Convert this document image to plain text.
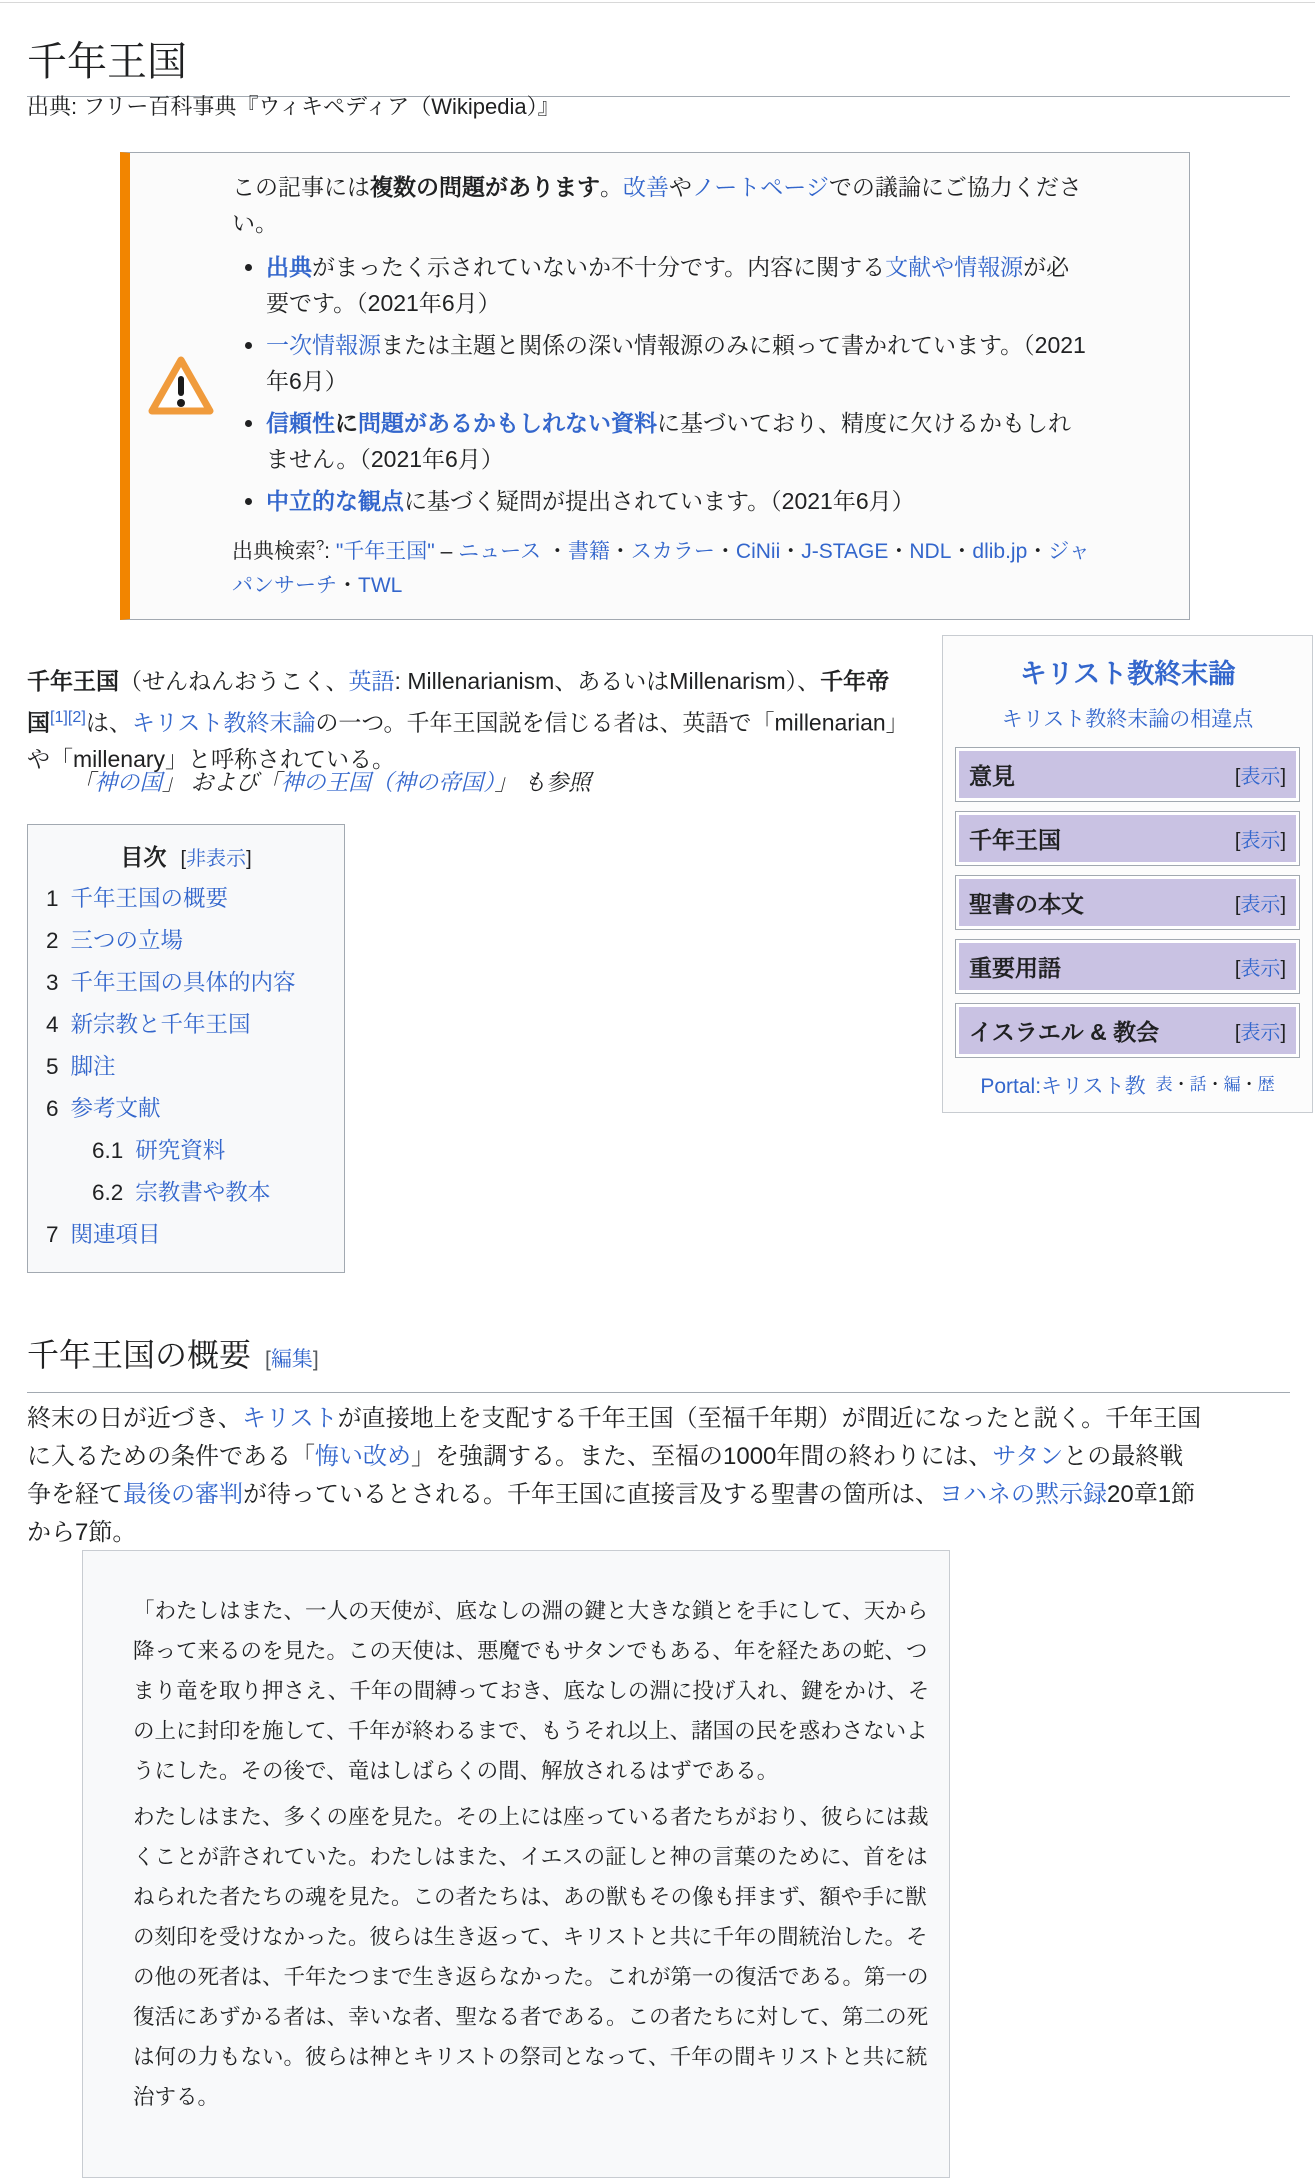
千年王国
出典: フリー百科事典『ウィキペディア（Wikipedia）』

この記事には複数の問題があります。改善やノートページでの議論にご協力ください。

• 出典がまったく示されていないか不十分です。内容に関する文献や情報源が必要です。（2021年6月）
• 一次情報源または主題と関係の深い情報源のみに頼って書かれています。（2021年6月）
• 信頼性に問題があるかもしれない資料に基づいており、精度に欠けるかもしれません。（2021年6月）
• 中立的な観点に基づく疑問が提出されています。（2021年6月）

出典検索?: "千年王国" – ニュース ・書籍・スカラー・CiNii・J-STAGE・NDL・dlib.jp・ジャパンサーチ・TWL

千年王国（せんねんおうこく、英語: Millenarianism、あるいはMillenarism）、千年帝国[1][2]は、キリスト教終末論の一つ。千年王国説を信じる者は、英語で「millenarian」や「millenary」と呼称されている。

「神の国」 および「神の王国（神の帝国）」 も参照
目次 [非表示]
1 千年王国の概要
2 三つの立場
3 千年王国の具体的内容
4 新宗教と千年王国
5 脚注
6 参考文献
6.1 研究資料
6.2 宗教書や教本
7 関連項目
キリスト教終末論
キリスト教終末論の相違点
意見	[表示]
千年王国	[表示]
聖書の本文	[表示]
重要用語	[表示]
イスラエル & 教会	[表示]
Portal:キリスト教 表・話・編・歴
千年王国の概要 [編集]

終末の日が近づき、キリストが直接地上を支配する千年王国（至福千年期）が間近になったと説く。千年王国に入るための条件である「悔い改め」を強調する。また、至福の1000年間の終わりには、サタンとの最終戦争を経て最後の審判が待っているとされる。千年王国に直接言及する聖書の箇所は、ヨハネの黙示録20章1節から7節。

「わたしはまた、一人の天使が、底なしの淵の鍵と大きな鎖とを手にして、天から降って来るのを見た。この天使は、悪魔でもサタンでもある、年を経たあの蛇、つまり竜を取り押さえ、千年の間縛っておき、底なしの淵に投げ入れ、鍵をかけ、その上に封印を施して、千年が終わるまで、もうそれ以上、諸国の民を惑わさないようにした。その後で、竜はしばらくの間、解放されるはずである。

わたしはまた、多くの座を見た。その上には座っている者たちがおり、彼らには裁くことが許されていた。わたしはまた、イエスの証しと神の言葉のために、首をはねられた者たちの魂を見た。この者たちは、あの獣もその像も拝まず、額や手に獣の刻印を受けなかった。彼らは生き返って、キリストと共に千年の間統治した。その他の死者は、千年たつまで生き返らなかった。これが第一の復活である。第一の復活にあずかる者は、幸いな者、聖なる者である。この者たちに対して、第二の死は何の力もない。彼らは神とキリストの祭司となって、千年の間キリストと共に統治する。
